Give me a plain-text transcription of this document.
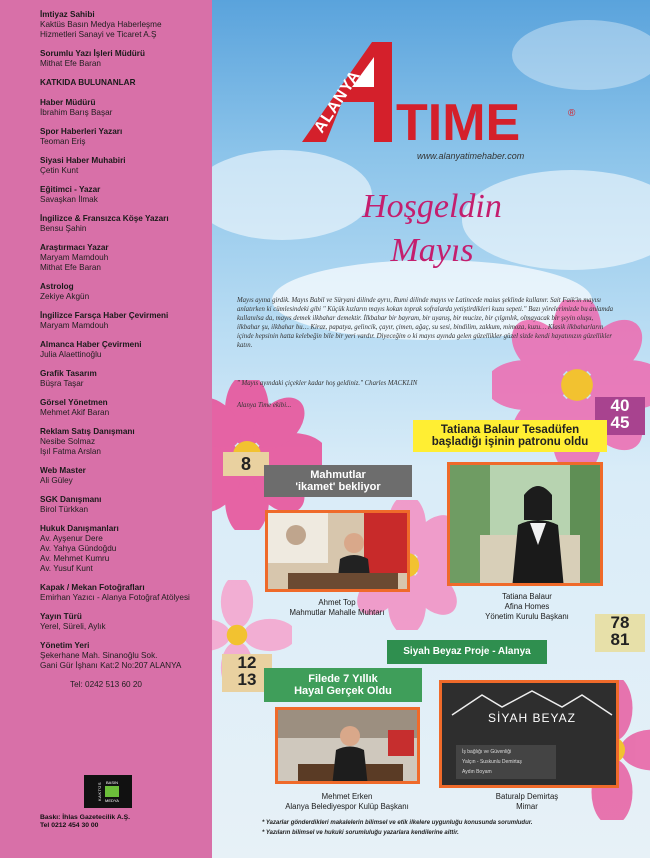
İmtiyaz Sahibi
Kaktüs Basın Medya Haberleşme
Hizmetleri Sanayi ve Ticaret A.Ş
Sorumlu Yazı İşleri Müdürü
Mithat Efe Baran
KATKIDA BULUNANLAR
Haber Müdürü
İbrahim Barış Başar
Spor Haberleri Yazarı
Teoman Eriş
Siyasi Haber Muhabiri
Çetin Kunt
Eğitimci - Yazar
Savaşkan İlmak
İngilizce & Fransızca Köşe Yazarı
Bensu Şahin
Araştırmacı Yazar
Maryam Mamdouh
Mithat Efe Baran
Astrolog
Zekiye Akgün
İngilizce Farsça Haber Çevirmeni
Maryam Mamdouh
Almanca Haber Çevirmeni
Julia Alaettinoğlu
Grafik Tasarım
Büşra Taşar
Görsel Yönetmen
Mehmet Akif Baran
Reklam Satış Danışmanı
Nesibe Solmaz
Işıl Fatma Arslan
Web Master
Ali Güley
SGK Danışmanı
Birol Türkkan
Hukuk Danışmanları
Av. Ayşenur Dere
Av. Yahya Gündoğdu
Av. Mehmet Kumru
Av. Yusuf Kunt
Kapak / Mekan Fotoğrafları
Emirhan Yazıcı - Alanya Fotoğraf Atölyesi
Yayın Türü
Yerel, Süreli, Aylık
Yönetim Yeri
Şekerhane Mah. Sinanoğlu Sok.
Gani Gür İşhanı Kat:2 No:207 ALANYA
Tel: 0242 513 60 20
KAKTÜS BASIN
MEDYA
Baskı: İhlas Gazetecilik A.Ş.
Tel 0212 454 30 00
TIME	®
ALANYA
www.alanyatimehaber.com
Hoşgeldin
Mayıs
Mayıs ayına girdik. Mayıs Babil ve Süryani dilinde ayrıı, Rumi dilinde mayıs ve Latincede maius şeklinde kullanır. Sait Faik'in mayısı anlatırken ki cümlesindeki gibi " Küçük kızların mayıs kokan toprak sofralarda yetiştirdikleri kuzu sepeti." Bazı yörelerimizde bu anlamda kullanılsa da, mayıs demek ilkbahar demektir. İlkbahar bir bayram, bir uyanış, bir mucize, bir çılgınlık, olmayacak bir şeyin oluşu, ilkbahar şu, ilkbahar bu… Kiraz, papatya, gelincik, çayır, çimen, ağaç, su sesi, bindilim, zakkum, mimoza, kuzu… Klasik ilkbaharların içinde hepsinin hatta kelebeğin bile bir yeri vardır. Diyeceğim o ki mayıs ayında gelen güzellikler güzel sizde kendi hayatınızın güzellikler katın.
" Mayıs ayındaki çiçekler kadar hoş geldiniz." Charles MACKLIN
Alanya Time ekibi...	40
45
Tatiana Balaur Tesadüfen
başladığı işinin patronu oldu
Tatiana Balaur
Afina Homes
Yönetim Kurulu Başkanı
8
Mahmutlar
'ikamet' bekliyor
Ahmet Top
Mahmutlar Mahalle Muhtarı
78
81
Siyah Beyaz Proje - Alanya
SİYAH BEYAZ
İş bağlığı ve Güvenliği
Yalçın - Suskunlu Demirtaş
Aydın Boyam
Baturalp Demirtaş
Mimar
12
13	Filede 7 Yıllık
Hayal Gerçek Oldu
Mehmet Erken
Alanya Belediyespor Kulüp Başkanı
* Yazarlar gönderdikleri makalelerin bilimsel ve etik ilkelere uygunluğu konusunda sorumludur.
* Yazıların bilimsel ve hukuki sorumluluğu yazarlara kendilerine aittir.
